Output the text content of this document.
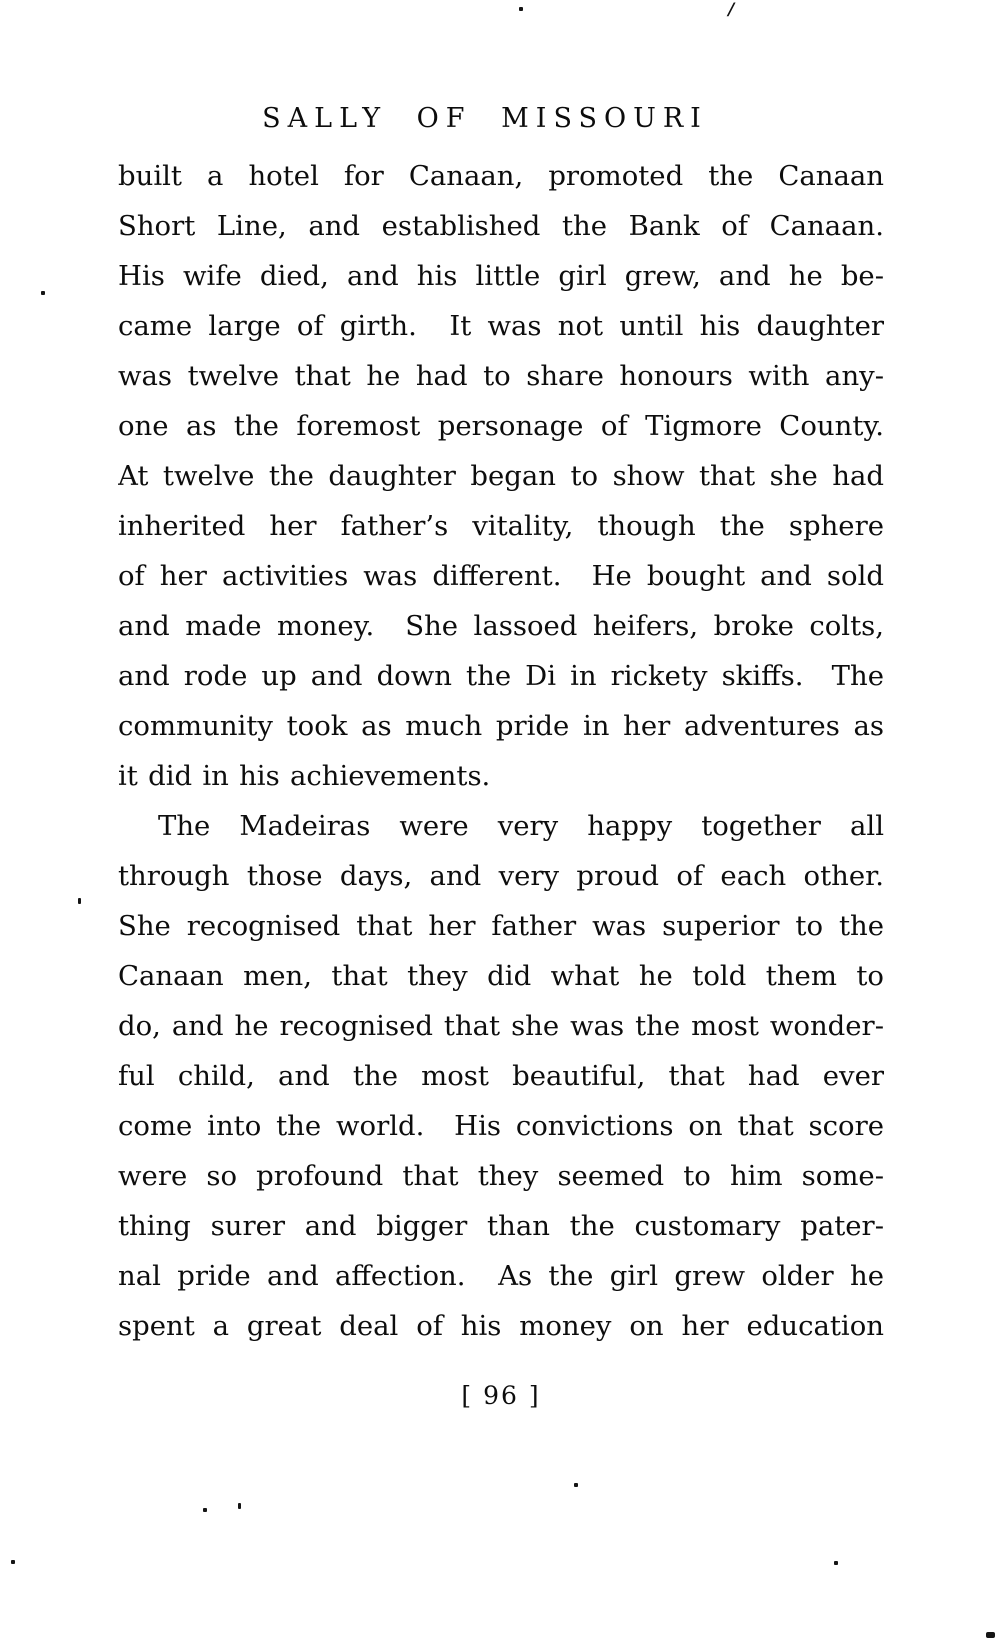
SALLY OF MISSOURI
built a hotel for Canaan, promoted the Canaan
Short Line, and established the Bank of Canaan.
His wife died, and his little girl grew, and he be-
came large of girth.  It was not until his daughter
was twelve that he had to share honours with any-
one as the foremost personage of Tigmore County.
At twelve the daughter began to show that she had
inherited her father’s vitality, though the sphere
of her activities was different.  He bought and sold
and made money.  She lassoed heifers, broke colts,
and rode up and down the Di in rickety skiffs.  The
community took as much pride in her adventures as
it did in his achievements.
The Madeiras were very happy together all
through those days, and very proud of each other.
She recognised that her father was superior to the
Canaan men, that they did what he told them to
do, and he recognised that she was the most wonder-
ful child, and the most beautiful, that had ever
come into the world.  His convictions on that score
were so profound that they seemed to him some-
thing surer and bigger than the customary pater-
nal pride and affection.  As the girl grew older he
spent a great deal of his money on her education
[ 96 ]
/
